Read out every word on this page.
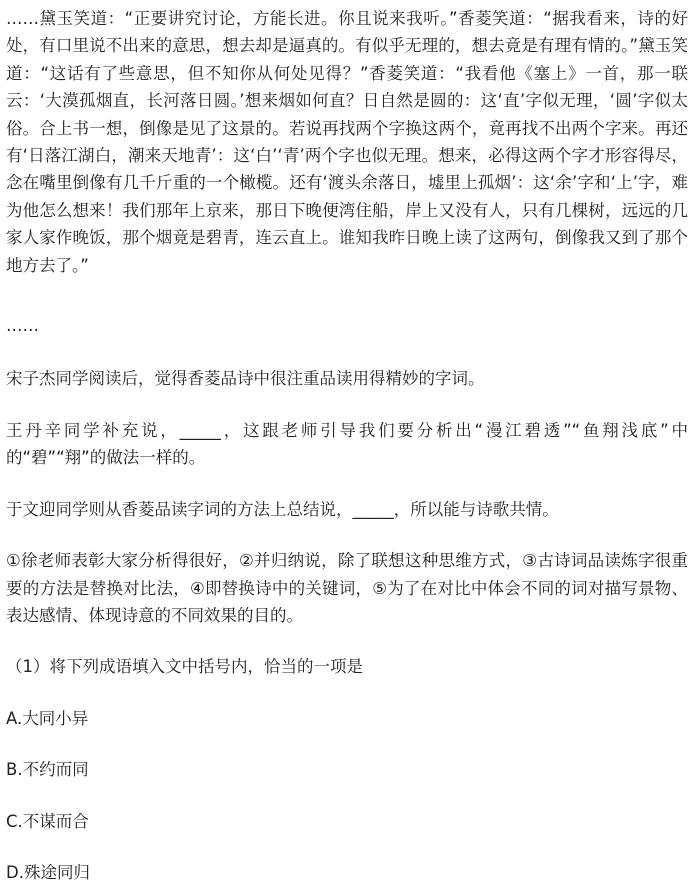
……黛玉笑道：“正要讲究讨论，方能长进。你且说来我听。”香菱笑道：“据我看来，诗的好处，有口里说不出来的意思，想去却是逼真的。有似乎无理的，想去竟是有理有情的。”黛玉笑道：“这话有了些意思，但不知你从何处见得？”香菱笑道：“我看他《塞上》一首，那一联云：‘大漠孤烟直，长河落日圆。’想来烟如何直？日自然是圆的：这‘直’字似无理，‘圆’字似太俗。合上书一想，倒像是见了这景的。若说再找两个字换这两个，竟再找不出两个字来。再还有‘日落江湖白，潮来天地青’：这‘白’‘青’两个字也似无理。想来，必得这两个字才形容得尽，念在嘴里倒像有几千斤重的一个橄榄。还有‘渡头余落日，墟里上孤烟’：这‘余’字和‘上’字，难为他怎么想来！我们那年上京来，那日下晚便湾住船，岸上又没有人，只有几棵树，远远的几家人家作晚饭，那个烟竟是碧青，连云直上。谁知我昨日晚上读了这两句，倒像我又到了那个地方去了。”

……

宋子杰同学阅读后，觉得香菱品诗中很注重品读用得精妙的字词。

王丹辛同学补充说，_____，这跟老师引导我们要分析出“漫江碧透”“鱼翔浅底”中的“碧”“翔”的做法一样的。

于文迎同学则从香菱品读字词的方法上总结说，_____，所以能与诗歌共情。

①徐老师表彰大家分析得很好，②并归纳说，除了联想这种思维方式，③古诗词品读炼字很重要的方法是替换对比法，④即替换诗中的关键词，⑤为了在对比中体会不同的词对描写景物、表达感情、体现诗意的不同效果的目的。

（1）将下列成语填入文中括号内，恰当的一项是

A.大同小异

B.不约而同

C.不谋而合

D.殊途同归
